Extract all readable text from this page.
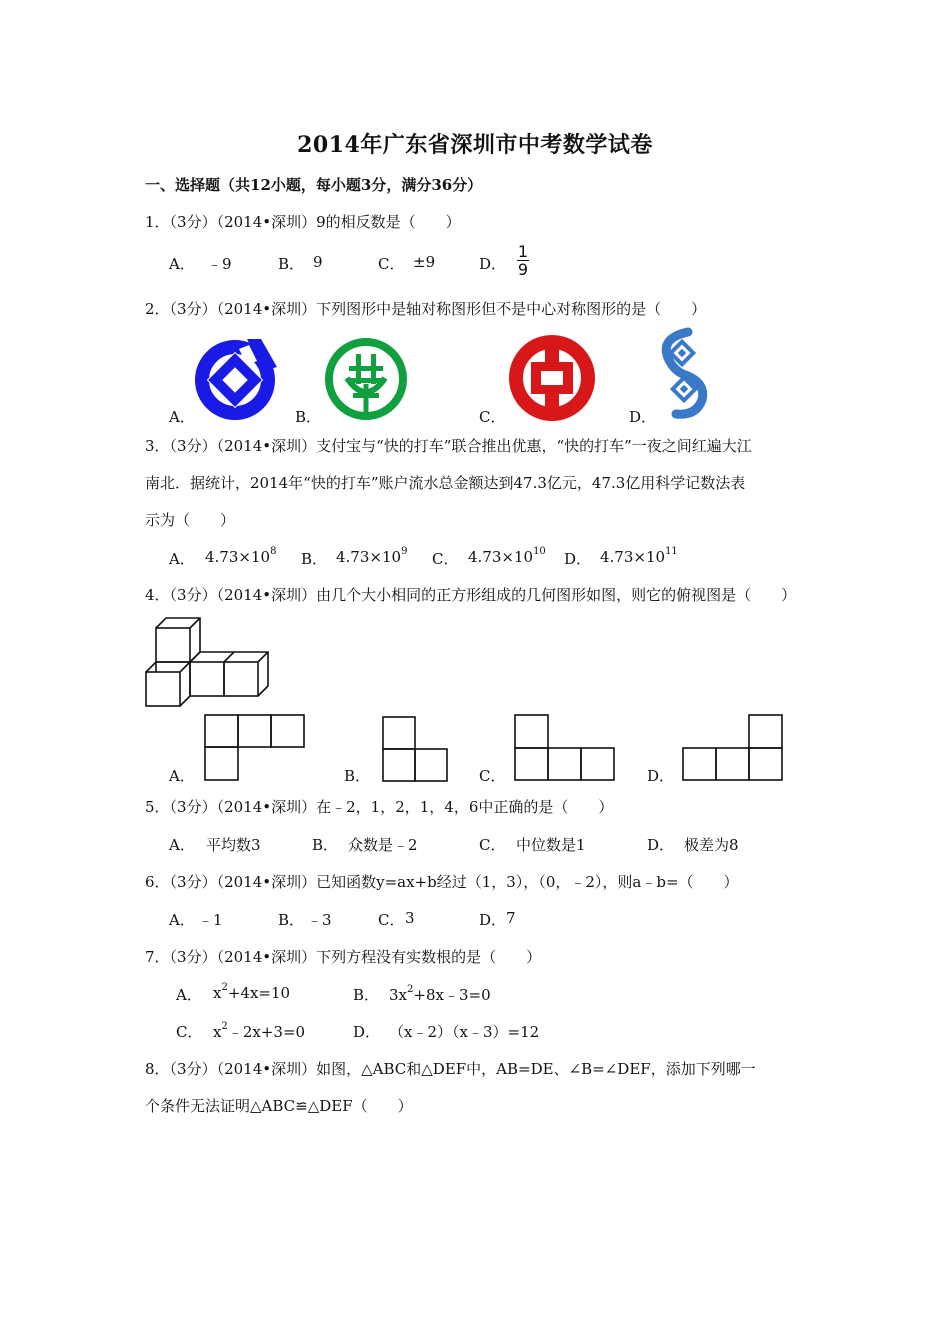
2014年广东省深圳市中考数学试卷
一、选择题（共12小题，每小题3分，满分36分）
1．（3分）（2014•深圳）9的相反数是（　　）
A． ﹣9	B． 9	C． ±9	D．
1
9
2．（3分）（2014•深圳）下列图形中是轴对称图形但不是中心对称图形的是（　　）
A．	B．	C．	D．
3．（3分）（2014•深圳）支付宝与“快的打车”联合推出优惠，“快的打车”一夜之间红遍大江
南北．据统计，2014年“快的打车”账户流水总金额达到47.3亿元，47.3亿用科学记数法表
示为（　　）
A． $4.73\times 10^8$ B． $4.73\times 10^9$ C． $4.73\times 10^{10}$ D． $4.73\times 10^{11}$
4．（3分）（2014•深圳）由几个大小相同的正方形组成的几何图形如图，则它的俯视图是（　　）
A．	B．	C．	D．
5．（3分）（2014•深圳）在﹣2，1，2，1，4，6中正确的是（　　）
A． 平均数3	B． 众数是﹣2	C． 中位数是1	D． 极差为8
6．（3分）（2014•深圳）已知函数y=ax+b经过（1，3），（0，﹣2），则a﹣b=（　　）
A． ﹣1	B． ﹣3	C． 3	D． 7
7．（3分）（2014•深圳）下列方程没有实数根的是（　　）
A． $x^2+4x=10$	B． $3x^2+8x﹣3=0$
C． $x^2﹣2x+3=0$	D． （x﹣2）（x﹣3）=12
8．（3分）（2014•深圳）如图，△ABC和△DEF中，AB=DE、∠B=∠DEF，添加下列哪一
个条件无法证明△ABC≌△DEF（　　）
